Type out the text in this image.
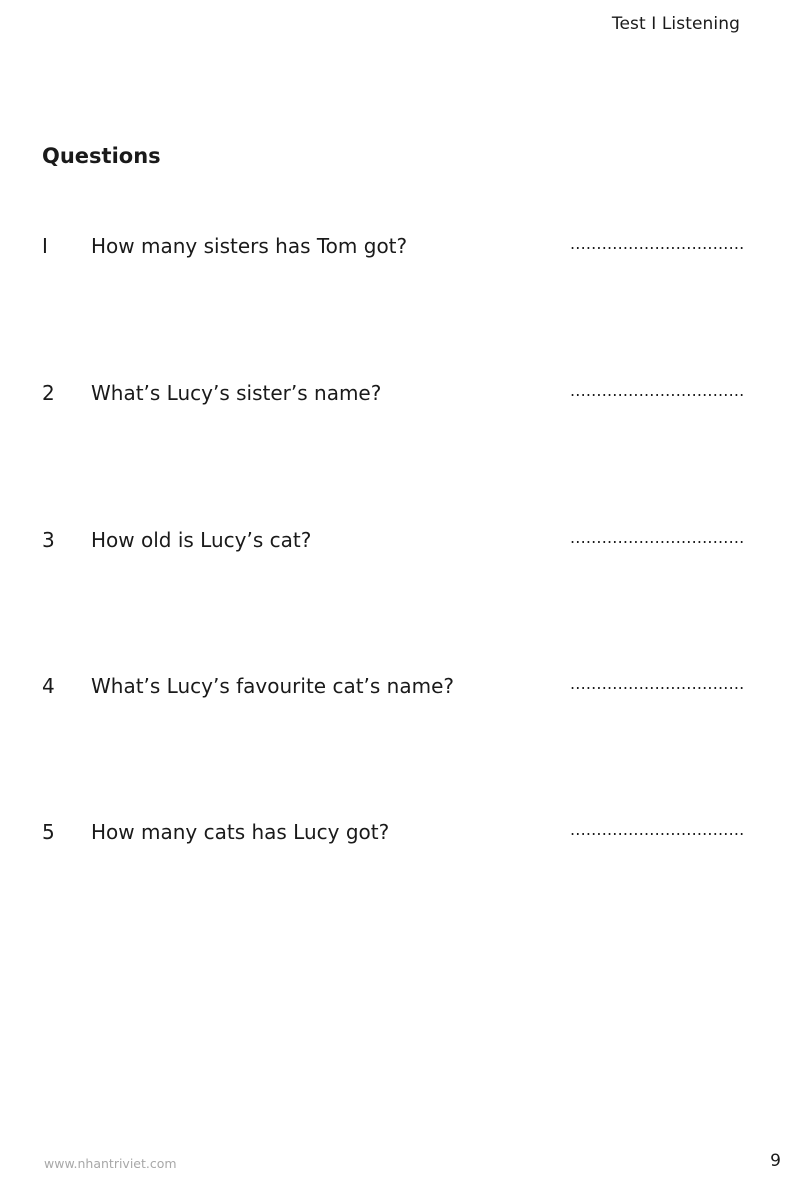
Test I Listening
Questions
I How many sisters has Tom got?	.................................
2 What’s Lucy’s sister’s name?	.................................
3 How old is Lucy’s cat?	.................................
4 What’s Lucy’s favourite cat’s name?	.................................
5 How many cats has Lucy got?	.................................
www.nhantriviet.com	9
